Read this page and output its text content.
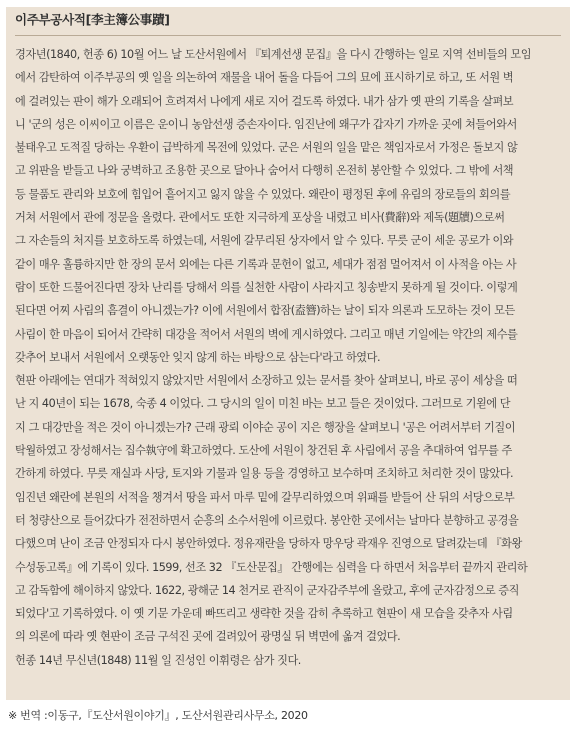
이주부공사적[李主簿公事蹟]
경자년(1840, 헌종 6) 10월 어느 날 도산서원에서 『퇴계선생 문집』을 다시 간행하는 일로 지역 선비들의 모임
에서 감탄하여 이주부공의 옛 일을 의논하여 재물을 내어 돌을 다듬어 그의 묘에 표시하기로 하고, 또 서원 벽
에 걸려있는 판이 해가 오래되어 흐려져서 나에게 새로 지어 걸도록 하였다. 내가 삼가 옛 판의 기록을 살펴보
니 '군의 성은 이씨이고 이름은 운이니 농암선생 증손자이다. 임진난에 왜구가 갑자기 가까운 곳에 쳐들어와서
불태우고 도적질 당하는 우환이 급박하게 목전에 있었다. 군은 서원의 일을 맡은 책임자로서 가정은 돌보지 않
고 위판을 받들고 나와 궁벽하고 조용한 곳으로 달아나 숨어서 다행히 온전히 봉안할 수 있었다. 그 밖에 서책
등 물품도 관리와 보호에 힘입어 흩어지고 잃지 않을 수 있었다. 왜란이 평정된 후에 유림의 장로들의 회의를
거쳐 서원에서 관에 정문을 올렸다. 관에서도 또한 지극하게 포상을 내렸고 비사(費辭)와 제독(題牘)으로써
그 자손들의 처지를 보호하도록 하였는데, 서원에 갈무리된 상자에서 알 수 있다. 무릇 군이 세운 공로가 이와
같이 매우 훌륭하지만 한 장의 문서 외에는 다른 기록과 문헌이 없고, 세대가 점점 멀어져서 이 사적을 아는 사
람이 또한 드물어진다면 장차 난리를 당해서 의를 실천한 사람이 사라지고 칭송받지 못하게 될 것이다. 이렇게
된다면 어찌 사림의 흠결이 아니겠는가? 이에 서원에서 합잠(盍簪)하는 날이 되자 의론과 도모하는 것이 모든
사림이 한 마음이 되어서 간략히 대강을 적어서 서원의 벽에 게시하였다. 그리고 매년 기일에는 약간의 제수를
갖추어 보내서 서원에서 오랫동안 잊지 않게 하는 바탕으로 삼는다'라고 하였다.
현판 아래에는 연대가 적혀있지 않았지만 서원에서 소장하고 있는 문서를 찾아 살펴보니, 바로 공이 세상을 떠
난 지 40년이 되는 1678, 숙종 4 이었다. 그 당시의 일이 미친 바는 보고 들은 것이었다. 그러므로 기왿에 단
지 그 대강만을 적은 것이 아니겠는가? 근래 광뢰 이야순 공이 지은 행장을 살펴보니 '공은 어려서부터 기질이
탁월하였고 장성해서는 집수執守에 확고하였다. 도산에 서원이 창건된 후 사림에서 공을 추대하여 업무를 주
간하게 하였다. 무릇 재실과 사당, 토지와 기물과 일용 등을 경영하고 보수하며 조치하고 처리한 것이 많았다.
임진년 왜란에 본원의 서적을 챙겨서 땅을 파서 마루 밑에 갈무리하였으며 위패를 받들어 산 뒤의 서당으로부
터 청량산으로 들어갔다가 전전하면서 순흥의 소수서원에 이르렀다. 봉안한 곳에서는 날마다 분향하고 공경을
다했으며 난이 조금 안정되자 다시 봉안하였다. 정유재란을 당하자 망우당 곽재우 진영으로 달려갔는데 『화왕
수성동고록』에 기록이 있다. 1599, 선조 32 『도산문집』 간행에는 심력을 다 하면서 처음부터 끝까지 관리하
고 감독함에 해이하지 않았다. 1622, 광해군 14 천거로 관직이 군자감주부에 올랐고, 후에 군자감정으로 증직
되었다'고 기록하였다. 이 옛 기문 가운데 빠뜨리고 생략한 것을 감히 추록하고 현판이 새 모습을 갖추자 사림
의 의론에 따라 옛 현판이 조금 구석진 곳에 걸려있어 광명실 뒤 벽면에 옮겨 걸었다.
헌종 14년 무신년(1848) 11월 일 진성인 이휘령은 삼가 짓다.
※ 번역 :이동구,『도산서원이야기』, 도산서원관리사무소, 2020
